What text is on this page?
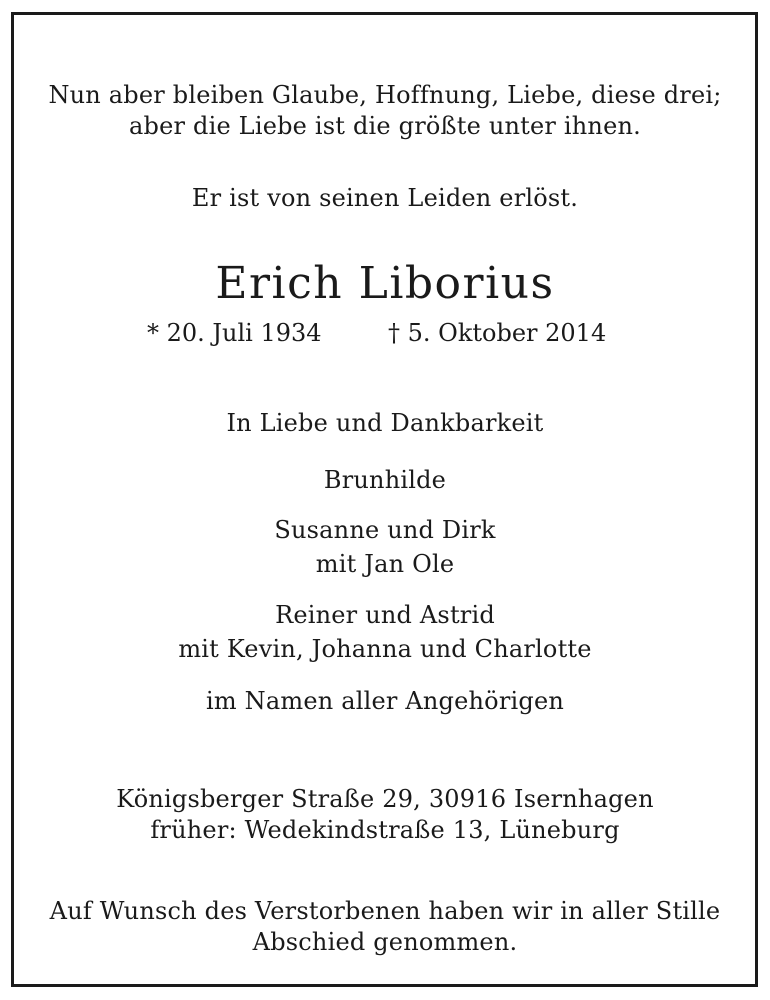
Nun aber bleiben Glaube, Hoffnung, Liebe, diese drei;
aber die Liebe ist die größte unter ihnen.
Er ist von seinen Leiden erlöst.
Erich Liborius
* 20. Juli 1934	† 5. Oktober 2014
In Liebe und Dankbarkeit
Brunhilde
Susanne und Dirk
mit Jan Ole
Reiner und Astrid
mit Kevin, Johanna und Charlotte
im Namen aller Angehörigen
Königsberger Straße 29, 30916 Isernhagen
früher: Wedekindstraße 13, Lüneburg
Auf Wunsch des Verstorbenen haben wir in aller Stille
Abschied genommen.
